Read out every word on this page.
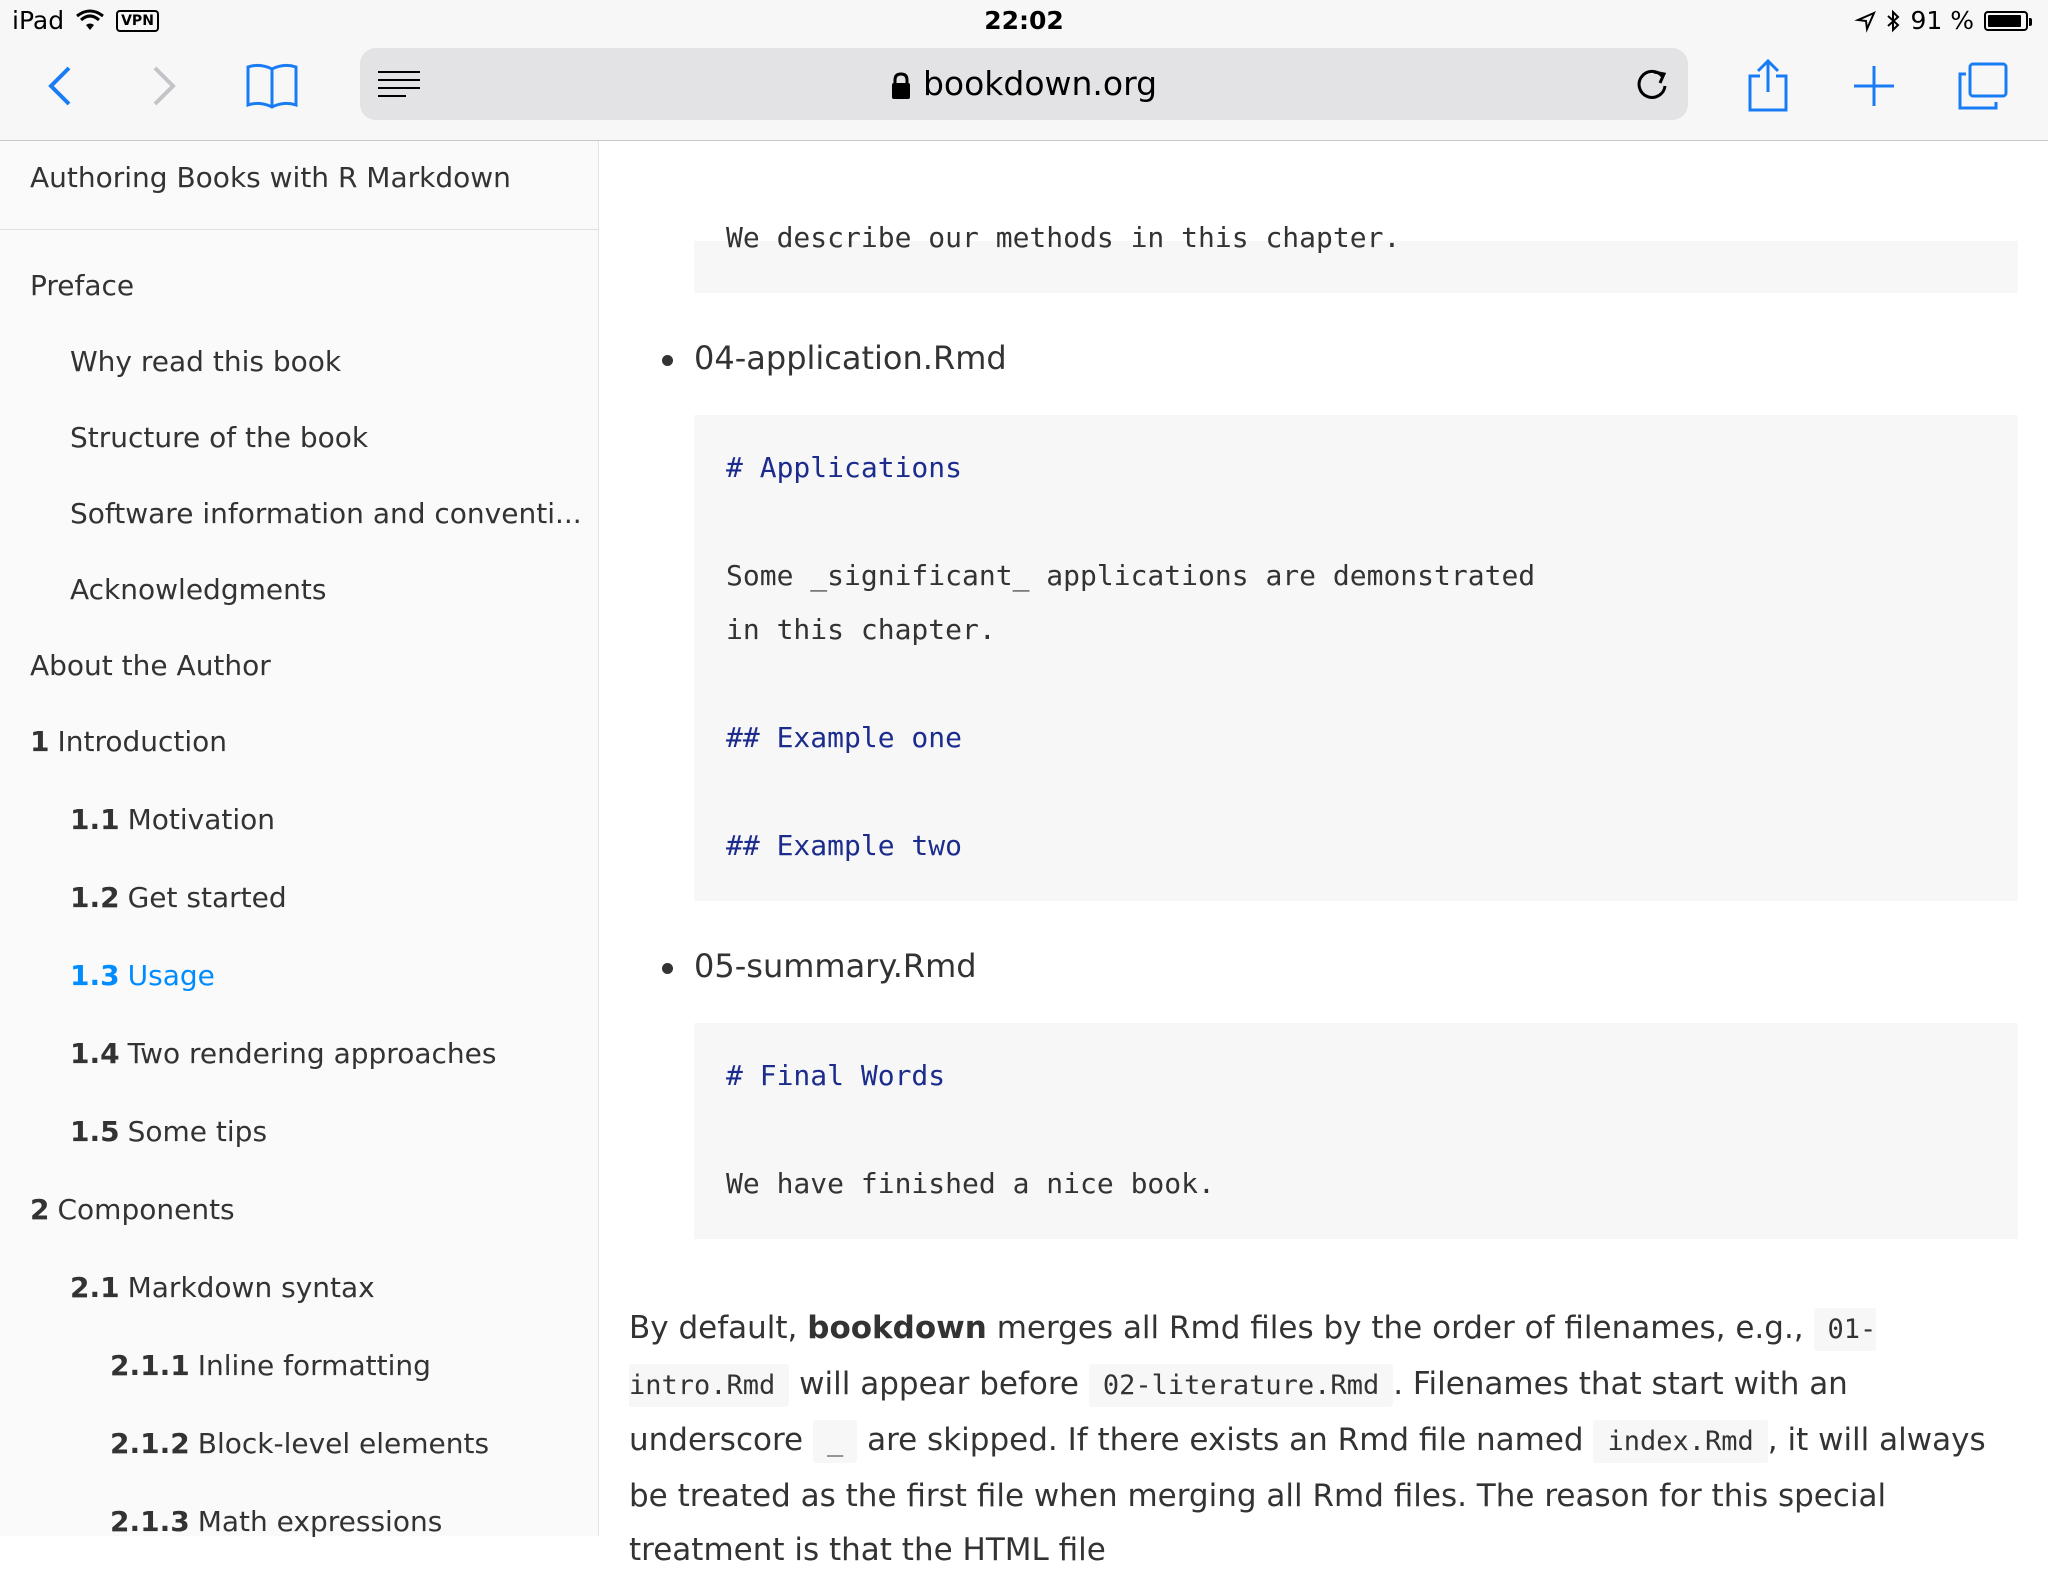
iPad	VPN	22:02	91 %
bookdown.org
Authoring Books with R Markdown
Preface
Why read this book
Structure of the book
Software information and conventi...
Acknowledgments
About the Author
1 Introduction
1.1 Motivation
1.2 Get started
1.3 Usage
1.4 Two rendering approaches
1.5 Some tips
2 Components
2.1 Markdown syntax
2.1.1 Inline formatting
2.1.2 Block-level elements
2.1.3 Math expressions
We describe our methods in this chapter.
04-application.Rmd
# Applications
Some _significant_ applications are demonstrated
in this chapter.
## Example one
## Example two
05-summary.Rmd
# Final Words
We have finished a nice book.
By default, bookdown merges all Rmd files by the order of filenames, e.g., 01-intro.Rmd will appear before 02-literature.Rmd . Filenames that start with an underscore _ are skipped. If there exists an Rmd file named index.Rmd , it will always be treated as the first file when merging all Rmd files. The reason for this special treatment is that the HTML file
